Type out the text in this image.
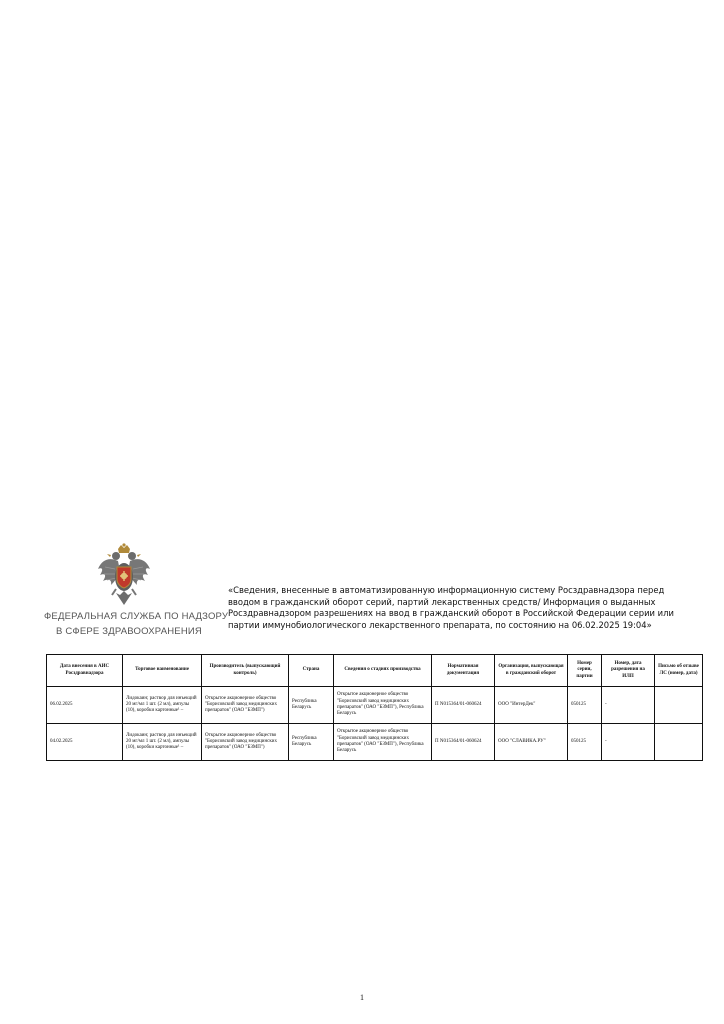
ФЕДЕРАЛЬНАЯ СЛУЖБА ПО НАДЗОРУ
В СФЕРЕ ЗДРАВООХРАНЕНИЯ
«Сведения, внесенные в автоматизированную информационную систему Росздравнадзора перед вводом в гражданский оборот серий, партий лекарственных средств/ Информация о выданных Росздравнадзором разрешениях на ввод в гражданский оборот в Российской Федерации серии или партии иммунобиологического лекарственного препарата, по состоянию на 06.02.2025 19:04»
Дата внесения в АИС Росздравнадзора	Торговое наименование	Производитель (выпускающий контроль)	Страна	Сведения о стадиях производства	Нормативная документация	Организация, выпускающая в гражданский оборот	Номер серии, партии	Номер, дата разрешения на ИЛП	Письмо об отзыве ЛС (номер, дата)
06.02.2025	Лидокаин; раствор для инъекций 20 мг/мл 1 шт. (2 мл), ампулы (10), коробки картонные¹ –	Открытое акционерное общество "Борисовский завод медицинских препаратов" (ОАО "БЗМП")	Республика Беларусь	Открытое акционерное общество "Борисовский завод медицинских препаратов" (ОАО "БЗМП"), Республика Беларусь	П N015364/01-060624	ООО "ИнтерДек"	050125	-	
04.02.2025	Лидокаин; раствор для инъекций 20 мг/мл 1 шт. (2 мл), ампулы (10), коробки картонные¹ –	Открытое акционерное общество "Борисовский завод медицинских препаратов" (ОАО "БЗМП")	Республика Беларусь	Открытое акционерное общество "Борисовский завод медицинских препаратов" (ОАО "БЗМП"), Республика Беларусь	П N015364/01-060624	ООО "СЛАВИКА.РУ"	050125	-	
1
